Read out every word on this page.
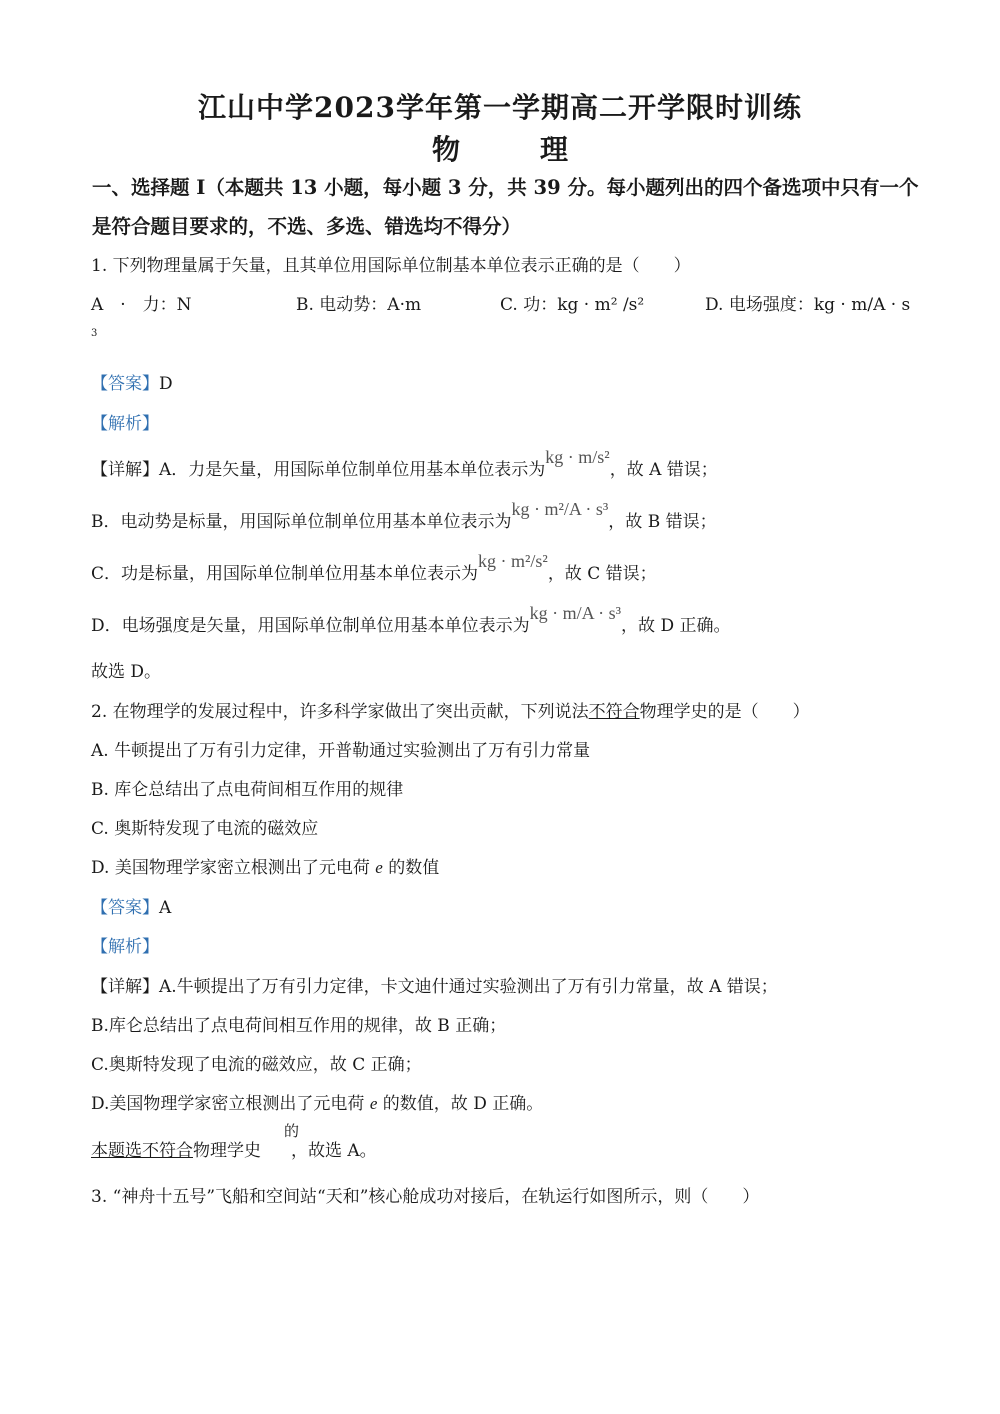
江山中学2023学年第一学期高二开学限时训练
物　理
一、选择题 I（本题共 13 小题，每小题 3 分，共 39 分。每小题列出的四个备选项中只有一个
是符合题目要求的，不选、多选、错选均不得分）
1. 下列物理量属于矢量，且其单位用国际单位制基本单位表示正确的是（　　）
A　·　力：N	B. 电动势：A·m	C. 功：kg · m² /s²	D. 电场强度：kg · m/A · s
3
【答案】D
【解析】
【详解】A．力是矢量，用国际单位制单位用基本单位表示为kg · m/s²，故 A 错误；
B．电动势是标量，用国际单位制单位用基本单位表示为kg · m²/A · s³，故 B 错误；
C．功是标量，用国际单位制单位用基本单位表示为kg · m²/s²，故 C 错误；
D．电场强度是矢量，用国际单位制单位用基本单位表示为kg · m/A · s³，故 D 正确。
故选 D。
2. 在物理学的发展过程中，许多科学家做出了突出贡献，下列说法不符合物理学史的是（　　）
A. 牛顿提出了万有引力定律，开普勒通过实验测出了万有引力常量
B. 库仑总结出了点电荷间相互作用的规律
C. 奥斯特发现了电流的磁效应
D. 美国物理学家密立根测出了元电荷 e 的数值
【答案】A
【解析】
【详解】A.牛顿提出了万有引力定律，卡文迪什通过实验测出了万有引力常量，故 A 错误；
B.库仑总结出了点电荷间相互作用的规律，故 B 正确；
C.奥斯特发现了电流的磁效应，故 C 正确；
D.美国物理学家密立根测出了元电荷 e 的数值，故 D 正确。
的
本题选不符合物理学史 ，故选 A。
3. “神舟十五号”飞船和空间站“天和”核心舱成功对接后，在轨运行如图所示，则（　　）
